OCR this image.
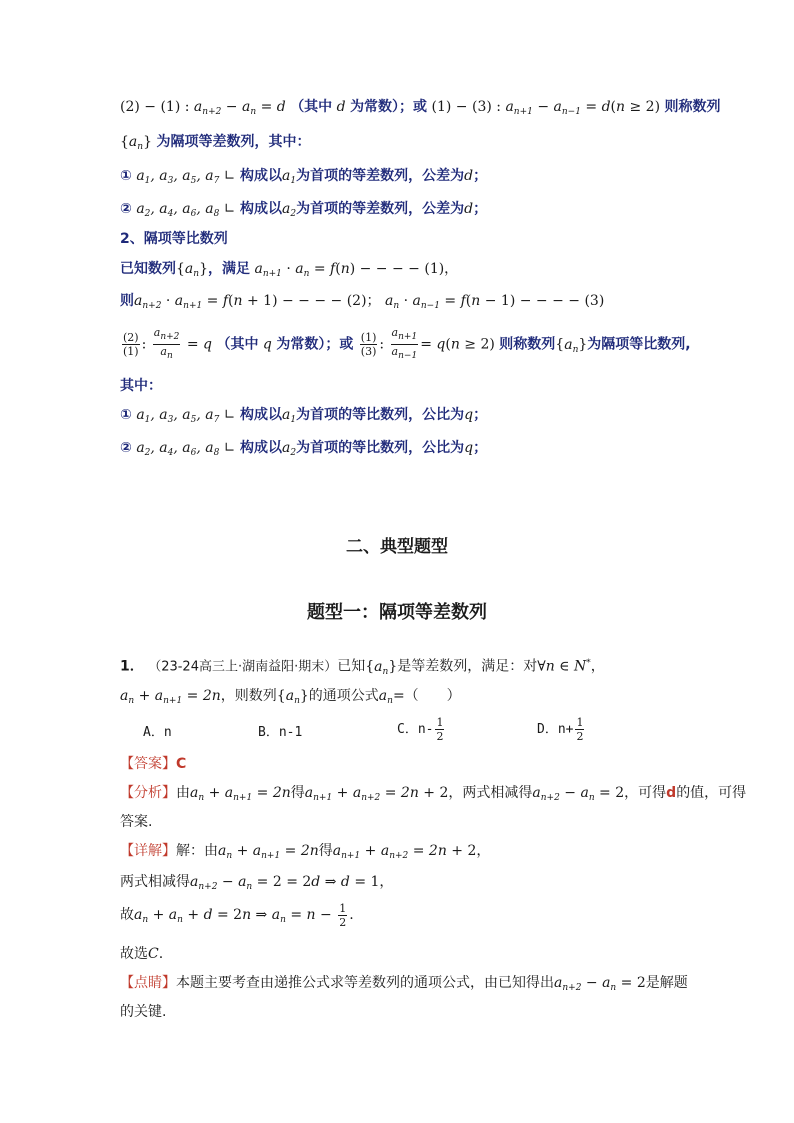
(2) − (1) : $a_{n+2} - a_n = d$ （其中 d 为常数）；或 (1) − (3) : $a_{n+1} - a_{n-1} = d(n \ge 2)$ 则称数列
$\{a_n\}$ 为隔项等差数列，其中：
① $a_1$, $a_3$, $a_5$, $a_7$ ∟ 构成以$a_1$为首项的等差数列，公差为d；
② $a_2$, $a_4$, $a_6$, $a_8$ ∟ 构成以$a_2$为首项的等差数列，公差为d；
2、隔项等比数列
已知数列$\{a_n\}$，满足 $a_{n+1} \cdot a_n = f(n)$ − − − − (1)，
则$a_{n+2} \cdot a_{n+1} = f(n + 1)$ − − − − (2)； $a_n \cdot a_{n-1} = f(n - 1)$ − − − − (3)
$\frac{(2)}{(1)}$ : $\frac{a_{n+2}}{a_n} = q$ （其中 q 为常数）；或 $\frac{(1)}{(3)}$ : $\frac{a_{n+1}}{a_{n-1}} = q(n \ge 2)$ 则称数列$\{a_n\}$为隔项等比数列,
其中：
① $a_1$, $a_3$, $a_5$, $a_7$ ∟ 构成以$a_1$为首项的等比数列，公比为q；
② $a_2$, $a_4$, $a_6$, $a_8$ ∟ 构成以$a_2$为首项的等比数列，公比为q；
二、典型题型
题型一：隔项等差数列
1． （23-24高三上·湖南益阳·期末）已知$\{a_n\}$是等差数列，满足：对∀n ∈ N*，
$a_n + a_{n+1} = 2n$，则数列$\{a_n\}$的通项公式$a_n=$（　　）
A．n	B．n-1	C．$n- \frac{1}{2}$	D．$n+ \frac{1}{2}$
【答案】C
【分析】由$a_n + a_{n+1} = 2n$得$a_{n+1} + a_{n+2} = 2n + 2$，两式相减得$a_{n+2} - a_n = 2$，可得d的值，可得
答案.
【详解】解：由$a_n + a_{n+1} = 2n$得$a_{n+1} + a_{n+2} = 2n + 2$，
两式相减得$a_{n+2} - a_n = 2 = 2d$ ⇒ d = 1，
故$a_n + a_n + d = 2n$ ⇒ $a_n = n - \frac{1}{2}$ .
故选C.
【点睛】本题主要考查由递推公式求等差数列的通项公式，由已知得出$a_{n+2} - a_n = 2$是解题
的关键.
